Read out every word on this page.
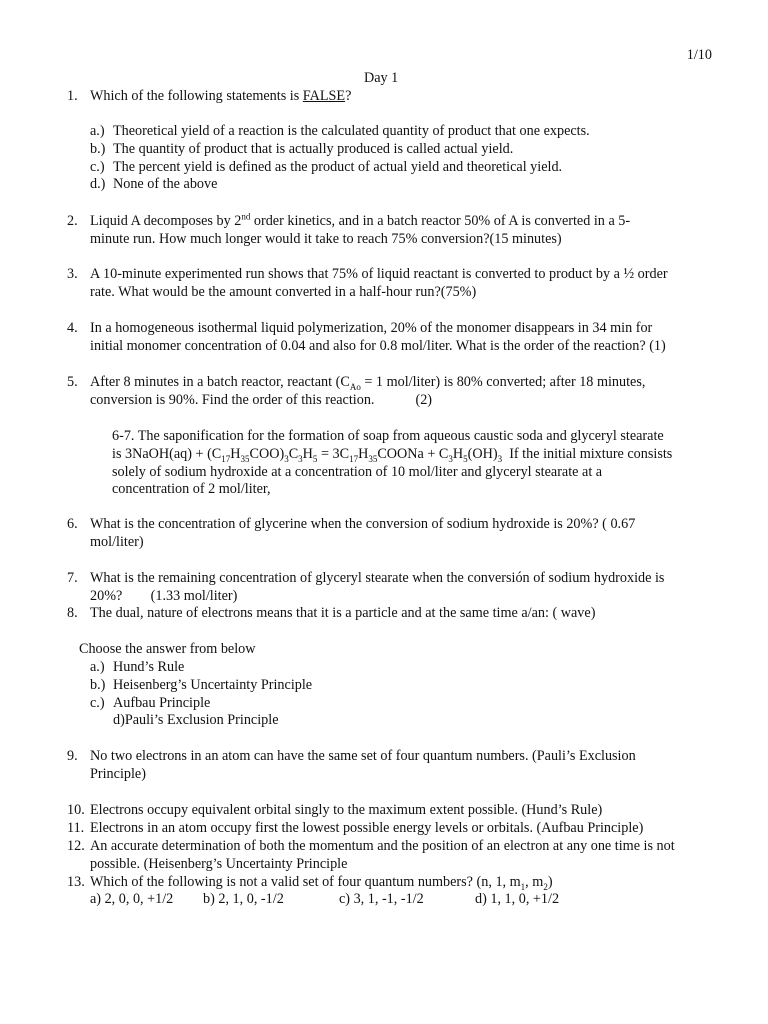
1/10
Day 1
1. Which of the following statements is FALSE?
a.) Theoretical yield of a reaction is the calculated quantity of product that one expects.
b.) The quantity of product that is actually produced is called actual yield.
c.) The percent yield is defined as the product of actual yield and theoretical yield.
d.) None of the above
2. Liquid A decomposes by 2nd order kinetics, and in a batch reactor 50% of A is converted in a 5-
minute run. How much longer would it take to reach 75% conversion?(15 minutes)
3. A 10-minute experimented run shows that 75% of liquid reactant is converted to product by a ½ order
rate. What would be the amount converted in a half-hour run?(75%)
4. In a homogeneous isothermal liquid polymerization, 20% of the monomer disappears in 34 min for
initial monomer concentration of 0.04 and also for 0.8 mol/liter. What is the order of the reaction? (1)
5. After 8 minutes in a batch reactor, reactant ($C_{Ao} = 1$ mol/liter) is 80% converted; after 18 minutes,
conversion is 90%. Find the order of this reaction.	(2)
6-7. The saponification for the formation of soap from aqueous caustic soda and glyceryl stearate
is 3NaOH(aq) + $(C_{17}H_{35}COO)_3C_3H_5$ = $3C_{17}H_{35}COONa + C_3H_5(OH)_3$  If the initial mixture consists
solely of sodium hydroxide at a concentration of 10 mol/liter and glyceryl stearate at a
concentration of 2 mol/liter,
6. What is the concentration of glycerine when the conversion of sodium hydroxide is 20%? ( 0.67
mol/liter)
7. What is the remaining concentration of glyceryl stearate when the conversión of sodium hydroxide is
20%?        (1.33 mol/liter)
8. The dual, nature of electrons means that it is a particle and at the same time a/an: ( wave)
Choose the answer from below
a.) Hund’s Rule
b.) Heisenberg’s Uncertainty Principle
c.) Aufbau Principle
d)Pauli’s Exclusion Principle
9. No two electrons in an atom can have the same set of four quantum numbers. (Pauli’s Exclusion
Principle)
10. Electrons occupy equivalent orbital singly to the maximum extent possible. (Hund’s Rule)
11. Electrons in an atom occupy first the lowest possible energy levels or orbitals. (Aufbau Principle)
12. An accurate determination of both the momentum and the position of an electron at any one time is not
possible. (Heisenberg’s Uncertainty Principle
13. Which of the following is not a valid set of four quantum numbers? (n, 1, $m_1$, $m_2$)
a) 2, 0, 0, +1/2 b) 2, 1, 0, -1/2	c) 3, 1, -1, -1/2	d) 1, 1, 0, +1/2
